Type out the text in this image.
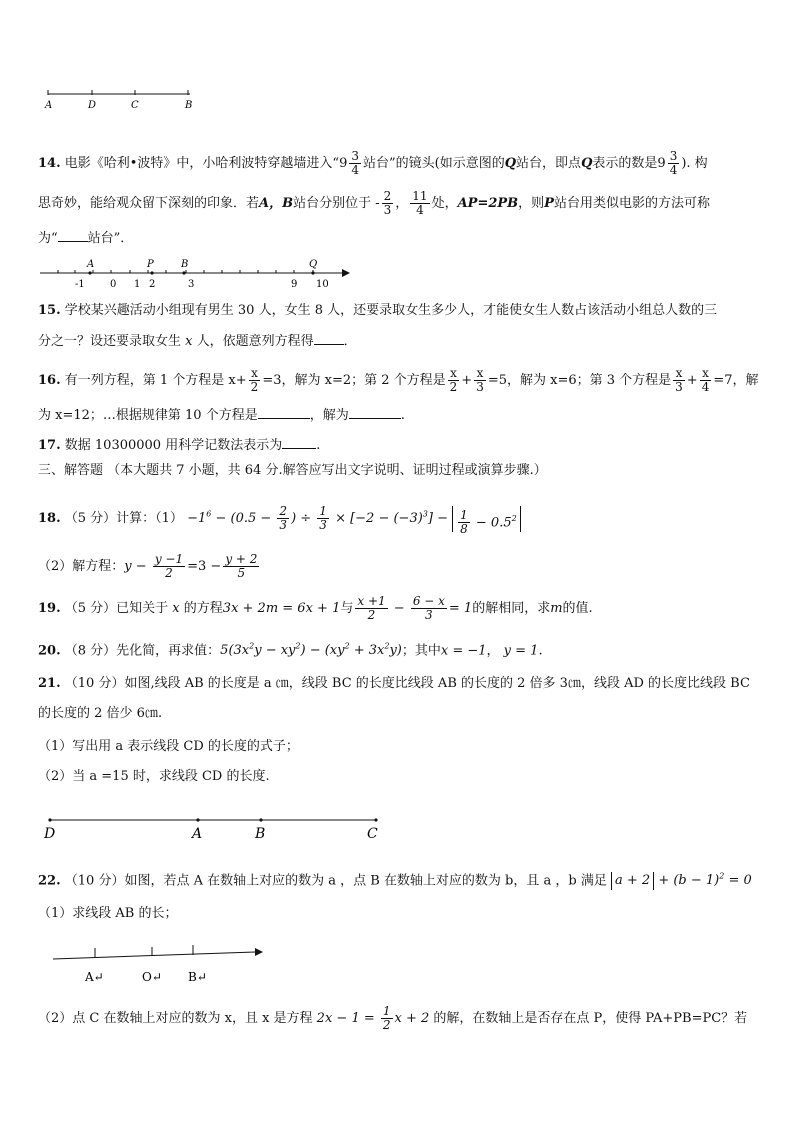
A	D	C	B
14. 电影《哈利•波特》中，小哈利波特穿越墙进入“$9 \frac{3}{4}$ 站台”的镜头(如示意图的Q站台，即点Q表示的数是$9 \frac{3}{4}$ ). 构
思奇妙，能给观众留下深刻的印象．若A，B站台分别位于 - $\frac{2}{3}$ ， $\frac{11}{4}$ 处，AP=2PB，则P站台用类似电影的方法可称
为“ 站台”．
A	P	B	Q
-1	0 1 2	3	9 10
15. 学校某兴趣活动小组现有男生 30 人，女生 8 人，还要录取女生多少人，才能使女生人数占该活动小组总人数的三
分之一？设还要录取女生 x 人，依题意列方程得 ．
16. 有一列方程，第 1 个方程是 $x+ \frac{x}{2} =3$，解为 x=2；第 2 个方程是 $\frac{x}{2} + \frac{x}{3} =5$，解为 x=6；第 3 个方程是 $\frac{x}{3} + \frac{x}{4} =7$，解
为 x=12；…根据规律第 10 个方程是	，解为	.
17. 数据 10300000 用科学记数法表示为	.
三、解答题 （本大题共 7 小题，共 64 分.解答应写出文字说明、证明过程或演算步骤.）
18. （5 分）计算：$(1) -1^6 - (0.5 - \frac{2}{3}$ ) ÷ $\frac{1}{3} \times [-2 - (-3)^3] - \frac{1}{8} - 0.5^2$
（2）解方程：$y - \frac{y -1}{2} =3 - \frac{y + 2}{5}$
19. （5 分）已知关于 x 的方程3x + 2m = 6x + 1与 $\frac{x +1}{2} - \frac{6 - x}{3} = 1$的解相同，求m的值.
20. （8 分）先化简，再求值：$5(3x^2y - xy^2) - (xy^2 + 3x^2y)$；其中x = −1， y = 1.
21. （10 分）如图,线段 AB 的长度是 a ㎝，线段 BC 的长度比线段 AB 的长度的 2 倍多 3㎝，线段 AD 的长度比线段 BC
的长度的 2 倍少 6㎝.
（1）写出用 a 表示线段 CD 的长度的式子；
（2）当 a =15 时，求线段 CD 的长度.
D	A	B	C
22. （10 分）如图，若点 A 在数轴上对应的数为 a ，点 B 在数轴上对应的数为 b，且 a ，b 满足 $a + 2 + (b - 1)^2 = 0$
（1）求线段 AB 的长；
A↵	O↵ B↵
（2）点 C 在数轴上对应的数为 x，且 x 是方程 $2x - 1 = \frac{1}{2}$ x + 2 的解，在数轴上是否存在点 P，使得 PA+PB=PC？若
